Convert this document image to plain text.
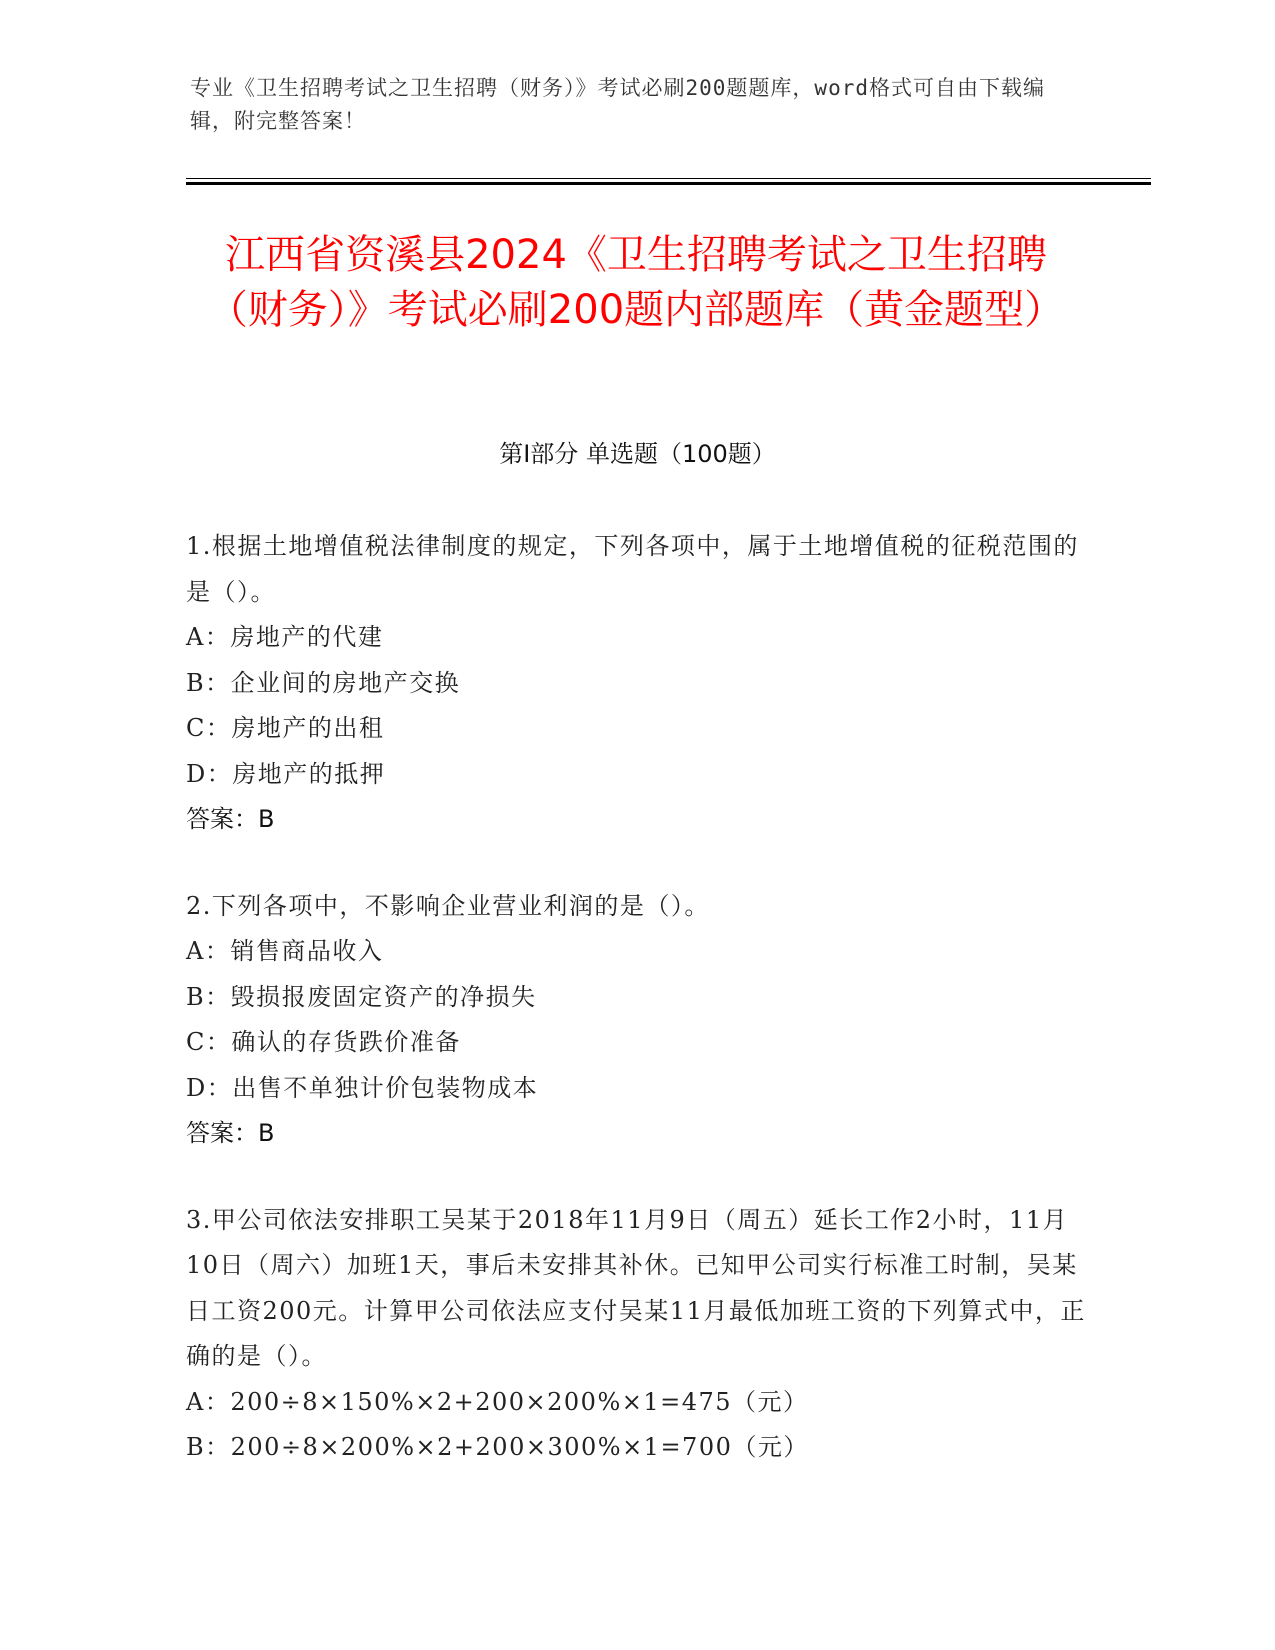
专业《卫生招聘考试之卫生招聘（财务）》考试必刷200题题库，word格式可自由下载编辑，附完整答案！
江西省资溪县2024《卫生招聘考试之卫生招聘（财务）》考试必刷200题内部题库（黄金题型）
第Ⅰ部分 单选题（100题）

1.根据土地增值税法律制度的规定，下列各项中，属于土地增值税的征税范围的是（）。

A：房地产的代建

B：企业间的房地产交换

C：房地产的出租

D：房地产的抵押

答案：B

2.下列各项中，不影响企业营业利润的是（）。

A：销售商品收入

B：毁损报废固定资产的净损失

C：确认的存货跌价准备

D：出售不单独计价包装物成本

答案：B

3.甲公司依法安排职工吴某于2018年11月9日（周五）延长工作2小时，11月10日（周六）加班1天，事后未安排其补休。已知甲公司实行标准工时制，吴某日工资200元。计算甲公司依法应支付吴某11月最低加班工资的下列算式中，正确的是（）。

A：200÷8×150%×2+200×200%×1=475（元）

B：200÷8×200%×2+200×300%×1=700（元）
